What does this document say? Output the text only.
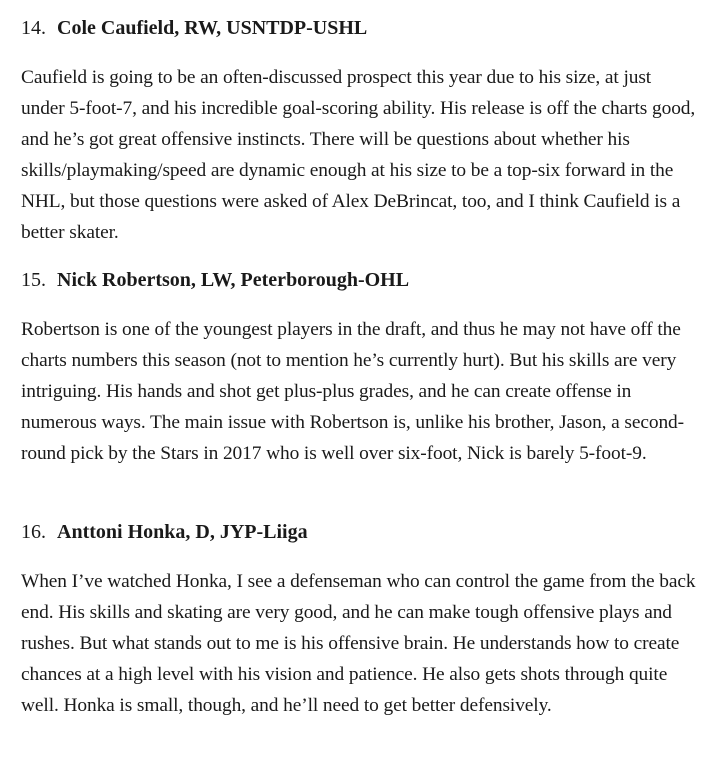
14. Cole Caufield, RW, USNTDP-USHL

Caufield is going to be an often-discussed prospect this year due to his size, at just under 5-foot-7, and his incredible goal-scoring ability. His release is off the charts good, and he’s got great offensive instincts. There will be questions about whether his skills/playmaking/speed are dynamic enough at his size to be a top-six forward in the NHL, but those questions were asked of Alex DeBrincat, too, and I think Caufield is a better skater.

15. Nick Robertson, LW, Peterborough-OHL

Robertson is one of the youngest players in the draft, and thus he may not have off the charts numbers this season (not to mention he’s currently hurt). But his skills are very intriguing. His hands and shot get plus-plus grades, and he can create offense in numerous ways. The main issue with Robertson is, unlike his brother, Jason, a second-round pick by the Stars in 2017 who is well over six-foot, Nick is barely 5-foot-9.

16. Anttoni Honka, D, JYP-Liiga

When I’ve watched Honka, I see a defenseman who can control the game from the back end. His skills and skating are very good, and he can make tough offensive plays and rushes. But what stands out to me is his offensive brain. He understands how to create chances at a high level with his vision and patience. He also gets shots through quite well. Honka is small, though, and he’ll need to get better defensively.
